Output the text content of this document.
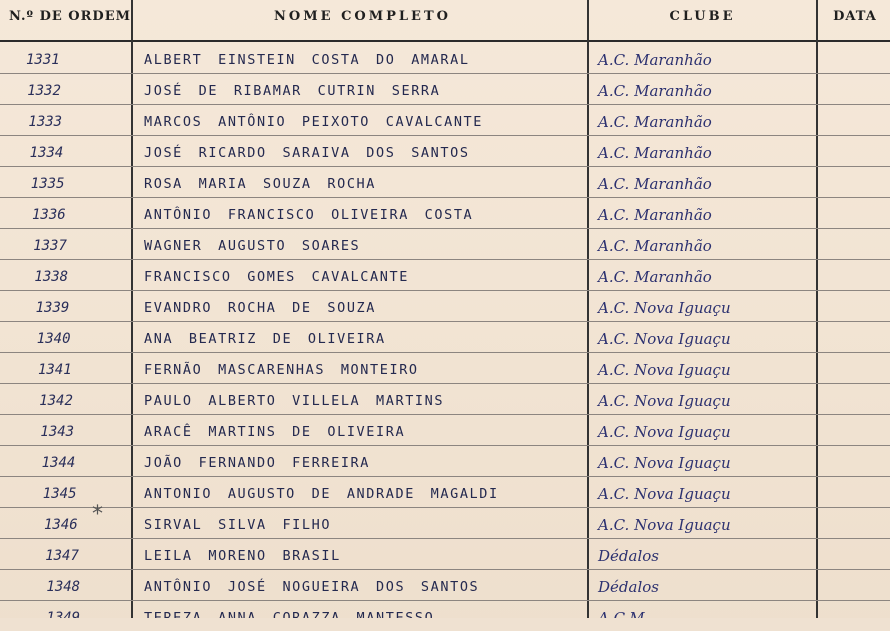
N.º DE ORDEM	NOME COMPLETO	CLUBE	DATA
1331	ALBERT EINSTEIN COSTA DO AMARAL	A.C. Maranhão
1332	JOSÉ DE RIBAMAR CUTRIN SERRA	A.C. Maranhão
1333	MARCOS ANTÔNIO PEIXOTO CAVALCANTE	A.C. Maranhão
1334	JOSÉ RICARDO SARAIVA DOS SANTOS	A.C. Maranhão
1335	ROSA MARIA SOUZA ROCHA	A.C. Maranhão
1336	ANTÔNIO FRANCISCO OLIVEIRA COSTA	A.C. Maranhão
1337	WAGNER AUGUSTO SOARES	A.C. Maranhão
1338	FRANCISCO GOMES CAVALCANTE	A.C. Maranhão
1339	EVANDRO ROCHA DE SOUZA	A.C. Nova Iguaçu
1340	ANA BEATRIZ DE OLIVEIRA	A.C. Nova Iguaçu
1341	FERNÃO MASCARENHAS MONTEIRO	A.C. Nova Iguaçu
1342	PAULO ALBERTO VILLELA MARTINS	A.C. Nova Iguaçu
1343	ARACÊ MARTINS DE OLIVEIRA	A.C. Nova Iguaçu
1344	JOÃO FERNANDO FERREIRA	A.C. Nova Iguaçu
1345	ANTONIO AUGUSTO DE ANDRADE MAGALDI	A.C. Nova Iguaçu
1346	SIRVAL SILVA FILHO	A.C. Nova Iguaçu
1347	LEILA MORENO BRASIL	Dédalos
1348	ANTÔNIO JOSÉ NOGUEIRA DOS SANTOS	Dédalos
*
